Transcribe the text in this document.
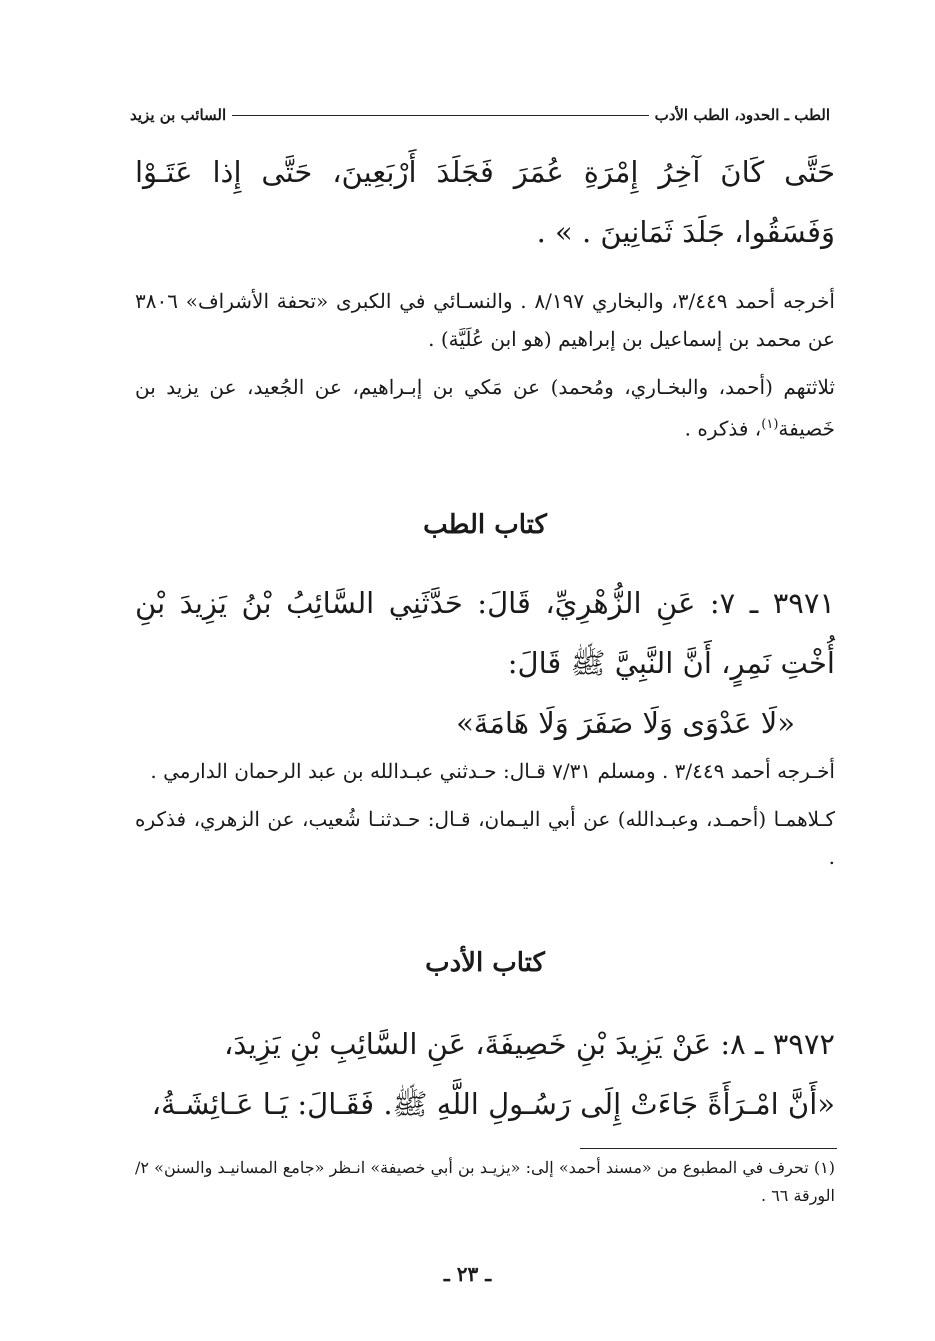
الطب ـ الحدود، الطب الأدب
السائب بن يزيد

حَتَّى كَانَ آخِرُ إِمْرَةِ عُمَرَ فَجَلَدَ أَرْبَعِينَ، حَتَّى إِذا عَتَـوْا وَفَسَقُوا، جَلَدَ ثَمَانِينَ . » .

أخرجه أحمد ٣/٤٤٩، والبخاري ٨/١٩٧ . والنسـائي في الكبرى «تحفة الأشراف» ٣٨٠٦ عن محمد بن إسماعيل بن إبراهيم (هو ابن عُلَيَّة) .

ثلاثتهم (أحمد، والبخـاري، ومُحمد) عن مَكي بن إبـراهيم، عن الجُعيد، عن يزيد بن خَصيفة$^{(١)}$، فذكره .

كتاب الطب

٣٩٧١ ـ ٧: عَنِ الزُّهْرِيِّ، قَالَ: حَدَّثَنِي السَّائِبُ بْنُ يَزِيدَ بْنِ أُخْتِ نَمِرٍ، أَنَّ النَّبِيَّ ﷺ قَالَ:

«لَا عَدْوَى وَلَا صَفَرَ وَلَا هَامَةَ»

أخـرجه أحمد ٣/٤٤٩ . ومسلم ٧/٣١ قـال: حـدثني عبـدالله بن عبد الرحمان الدارمي .

كـلاهمـا (أحمـد، وعبـدالله) عن أبي اليـمان، قـال: حـدثنـا شُعيب، عن الزهري، فذكره .

كتاب الأدب

٣٩٧٢ ـ ٨: عَنْ يَزِيدَ بْنِ خَصِيفَةَ، عَنِ السَّائِبِ بْنِ يَزِيدَ،

«أَنَّ امْـرَأَةً جَاءَتْ إِلَى رَسُـولِ اللَّهِ ﷺ. فَقَـالَ: يَـا عَـائِشَـةُ،

(١) تحرف في المطبوع من «مسند أحمد» إلى: «يزيـد بن أبي خصيفة» انـظر «جامع المسانيـد والسنن» ٢/الورقة ٦٦ .
ـ ٢٣ ـ
